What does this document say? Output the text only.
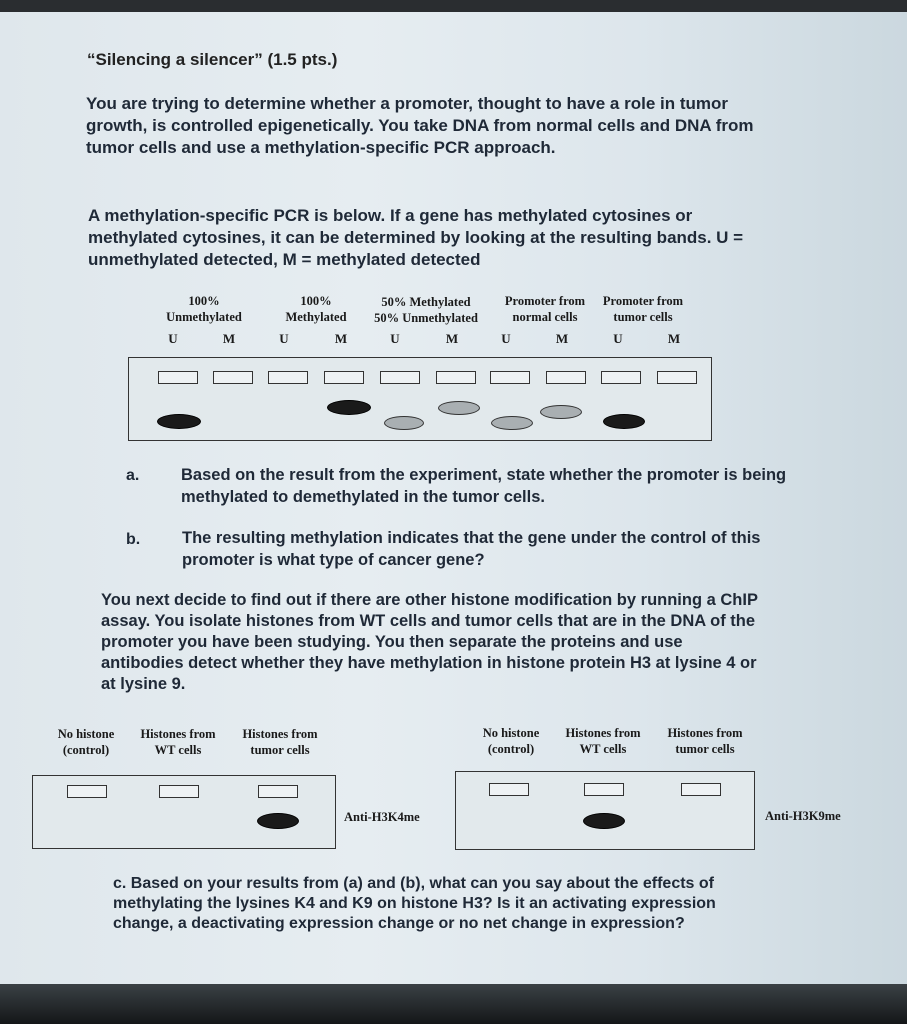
“Silencing a silencer” (1.5 pts.)
You are trying to determine whether a promoter, thought to have a role in tumor growth, is controlled epigenetically. You take DNA from normal cells and DNA from tumor cells and use a methylation-specific PCR approach.
A methylation-specific PCR is below. If a gene has methylated cytosines or methylated cytosines, it can be determined by looking at the resulting bands. U = unmethylated detected, M = methylated detected
100%
Unmethylated
100%
Methylated
50% Methylated
50% Unmethylated
Promoter from
normal cells
Promoter from
tumor cells
U	M	U	M	U	M	U	M	U	M
a.	Based on the result from the experiment, state whether the promoter is being methylated to demethylated in the tumor cells.
b.	The resulting methylation indicates that the gene under the control of this promoter is what type of cancer gene?
You next decide to find out if there are other histone modification by running a ChIP assay. You isolate histones from WT cells and tumor cells that are in the DNA of the promoter you have been studying. You then separate the proteins and use antibodies detect whether they have methylation in histone protein H3 at lysine 4 or at lysine 9.
No histone
(control)
Histones from
WT cells
Histones from
tumor cells
Anti-H3K4me
No histone
(control)
Histones from
WT cells
Histones from
tumor cells
Anti-H3K9me
c. Based on your results from (a) and (b), what can you say about the effects of methylating the lysines K4 and K9 on histone H3? Is it an activating expression change, a deactivating expression change or no net change in expression?
